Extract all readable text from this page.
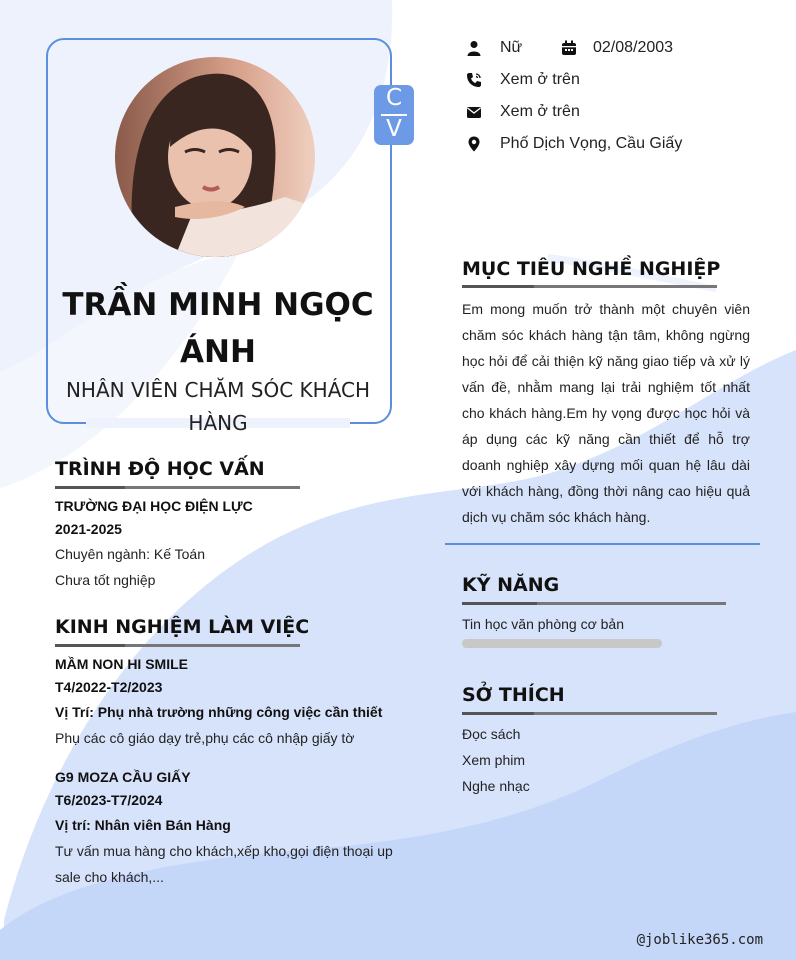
C
V
TRẦN MINH NGỌC ÁNH
NHÂN VIÊN CHĂM SÓC KHÁCH HÀNG
Nữ	02/08/2003
Xem ở trên
Xem ở trên
Phố Dịch Vọng, Cầu Giấy
TRÌNH ĐỘ HỌC VẤN
TRƯỜNG ĐẠI HỌC ĐIỆN LỰC
2021-2025
Chuyên ngành: Kế Toán
Chưa tốt nghiệp
KINH NGHIỆM LÀM VIỆC
MẦM NON HI SMILE
T4/2022-T2/2023
Vị Trí: Phụ nhà trường những công việc cần thiết
Phụ các cô giáo dạy trẻ,phụ các cô nhập giấy tờ
G9 MOZA CẦU GIẤY
T6/2023-T7/2024
Vị trí: Nhân viên Bán Hàng
Tư vấn mua hàng cho khách,xếp kho,gọi điện thoại up
sale cho khách,...
MỤC TIÊU NGHỀ NGHIỆP
Em mong muốn trở thành một chuyên viên chăm sóc khách hàng tận tâm, không ngừng học hỏi để cải thiện kỹ năng giao tiếp và xử lý vấn đề, nhằm mang lại trải nghiệm tốt nhất cho khách hàng.Em hy vọng được học hỏi và áp dụng các kỹ năng cần thiết để hỗ trợ doanh nghiệp xây dựng mối quan hệ lâu dài với khách hàng, đồng thời nâng cao hiệu quả dịch vụ chăm sóc khách hàng.
KỸ NĂNG
Tin học văn phòng cơ bản
SỞ THÍCH
Đọc sách
Xem phim
Nghe nhạc
@joblike365.com
